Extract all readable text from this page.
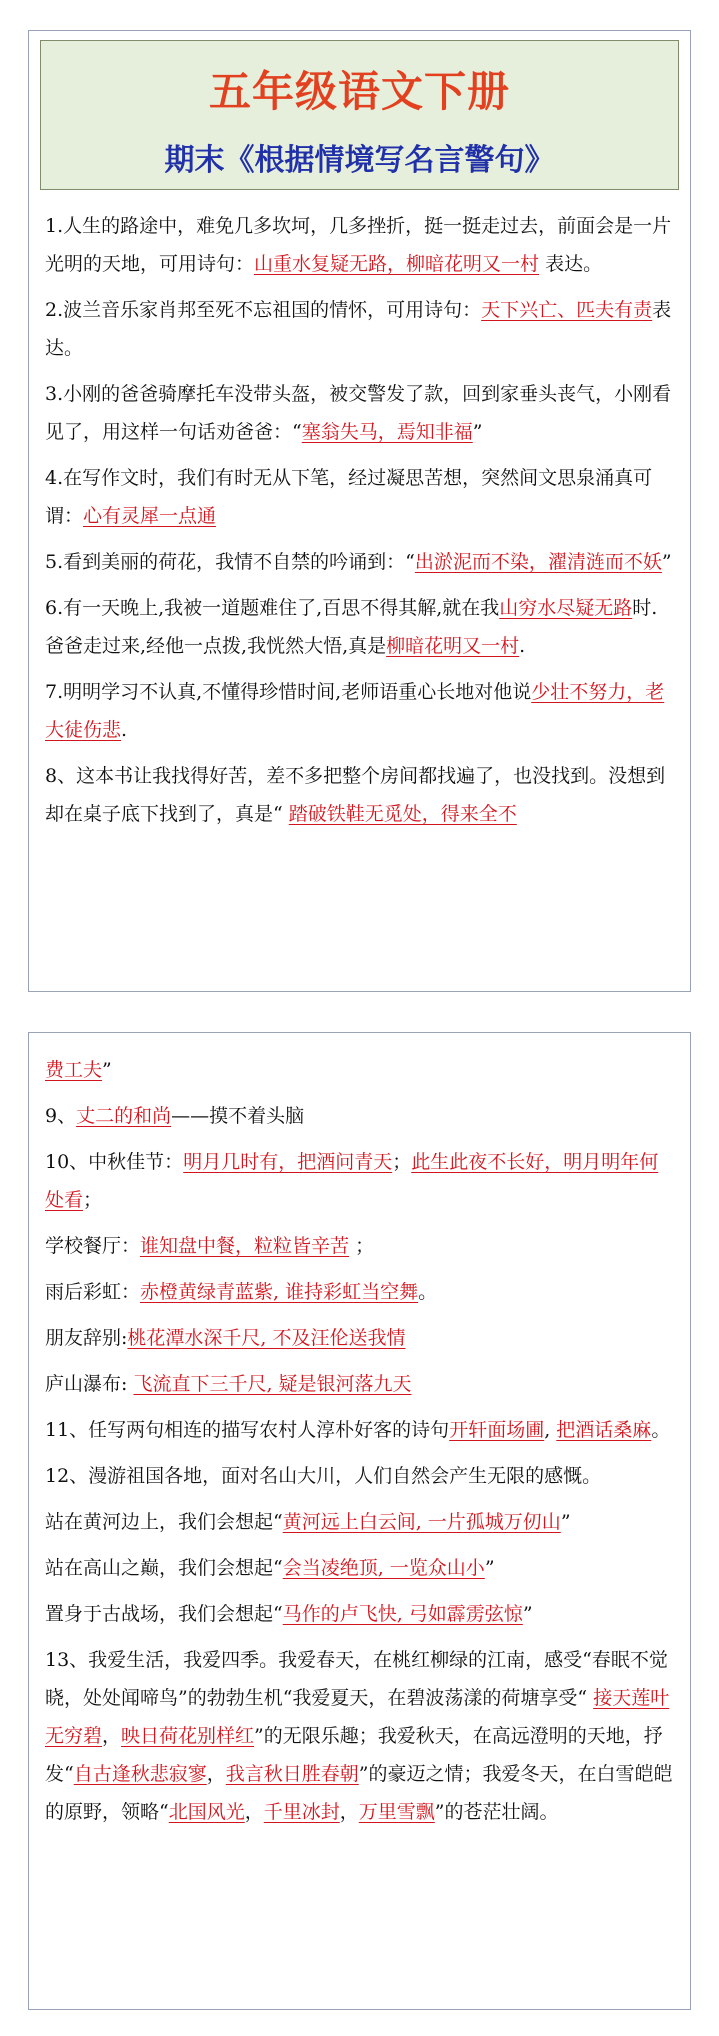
五年级语文下册
期末《根据情境写名言警句》

1.人生的路途中，难免几多坎坷，几多挫折，挺一挺走过去，前面会是一片光明的天地，可用诗句：山重水复疑无路，柳暗花明又一村 表达。

2.波兰音乐家肖邦至死不忘祖国的情怀，可用诗句：天下兴亡、匹夫有责表达。

3.小刚的爸爸骑摩托车没带头盔，被交警发了款，回到家垂头丧气，小刚看见了，用这样一句话劝爸爸：“塞翁失马，焉知非福”

4.在写作文时，我们有时无从下笔，经过凝思苦想，突然间文思泉涌真可谓：心有灵犀一点通

5.看到美丽的荷花，我情不自禁的吟诵到：“出淤泥而不染，濯清涟而不妖”

6.有一天晚上,我被一道题难住了,百思不得其解,就在我山穷水尽疑无路时.爸爸走过来,经他一点拨,我恍然大悟,真是柳暗花明又一村.

7.明明学习不认真,不懂得珍惜时间,老师语重心长地对他说少壮不努力，老大徒伤悲.

8、这本书让我找得好苦，差不多把整个房间都找遍了，也没找到。没想到却在桌子底下找到了，真是“ 踏破铁鞋无觅处，得来全不

费工夫”

9、丈二的和尚——摸不着头脑

10、中秋佳节：明月几时有，把酒问青天；此生此夜不长好，明月明年何处看；

学校餐厅：谁知盘中餐，粒粒皆辛苦 ；

雨后彩虹：赤橙黄绿青蓝紫, 谁持彩虹当空舞。

朋友辞别:桃花潭水深千尺, 不及汪伦送我情

庐山瀑布: 飞流直下三千尺, 疑是银河落九天

11、任写两句相连的描写农村人淳朴好客的诗句开轩面场圃, 把酒话桑麻。

12、漫游祖国各地，面对名山大川，人们自然会产生无限的感慨。

站在黄河边上，我们会想起“黄河远上白云间, 一片孤城万仞山”

站在高山之巅，我们会想起“会当凌绝顶, 一览众山小”

置身于古战场，我们会想起“马作的卢飞快, 弓如霹雳弦惊”

13、我爱生活，我爱四季。我爱春天，在桃红柳绿的江南，感受“春眠不觉晓，处处闻啼鸟”的勃勃生机“我爱夏天，在碧波荡漾的荷塘享受“ 接天莲叶无穷碧，映日荷花别样红”的无限乐趣；我爱秋天，在高远澄明的天地，抒发“自古逢秋悲寂寥，我言秋日胜春朝”的豪迈之情；我爱冬天，在白雪皑皑的原野，领略“北国风光，千里冰封，万里雪飘”的苍茫壮阔。
